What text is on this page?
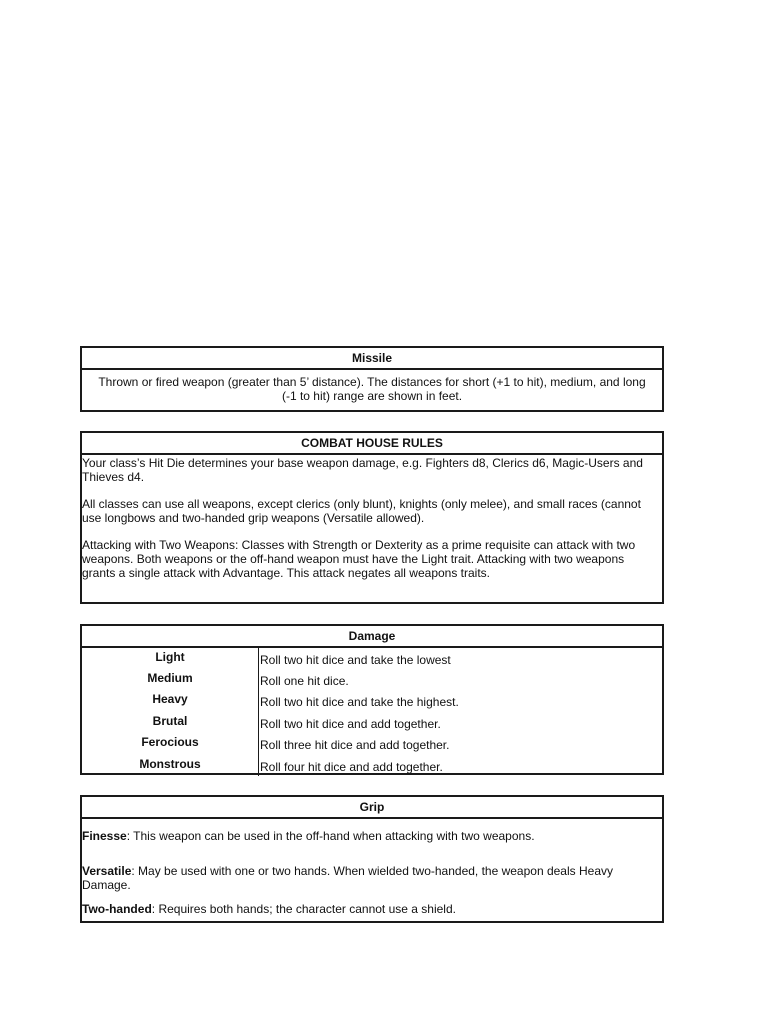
Missile
Thrown or fired weapon (greater than 5’ distance). The distances for short (+1 to hit), medium, and long (-1 to hit) range are shown in feet.
COMBAT HOUSE RULES

Your class’s Hit Die determines your base weapon damage, e.g. Fighters d8, Clerics d6, Magic-Users and Thieves d4.

All classes can use all weapons, except clerics (only blunt), knights (only melee), and small races (cannot use longbows and two-handed grip weapons (Versatile allowed).

Attacking with Two Weapons: Classes with Strength or Dexterity as a prime requisite can attack with two weapons. Both weapons or the off-hand weapon must have the Light trait. Attacking with two weapons grants a single attack with Advantage. This attack negates all weapons traits.

Damage
Light	Roll two hit dice and take the lowest
Medium	Roll one hit dice.
Heavy	Roll two hit dice and take the highest.
Brutal	Roll two hit dice and add together.
Ferocious	Roll three hit dice and add together.
Monstrous	Roll four hit dice and add together.
Grip

Finesse: This weapon can be used in the off-hand when attacking with two weapons.

Versatile: May be used with one or two hands. When wielded two-handed, the weapon deals Heavy Damage.

Two-handed: Requires both hands; the character cannot use a shield.
